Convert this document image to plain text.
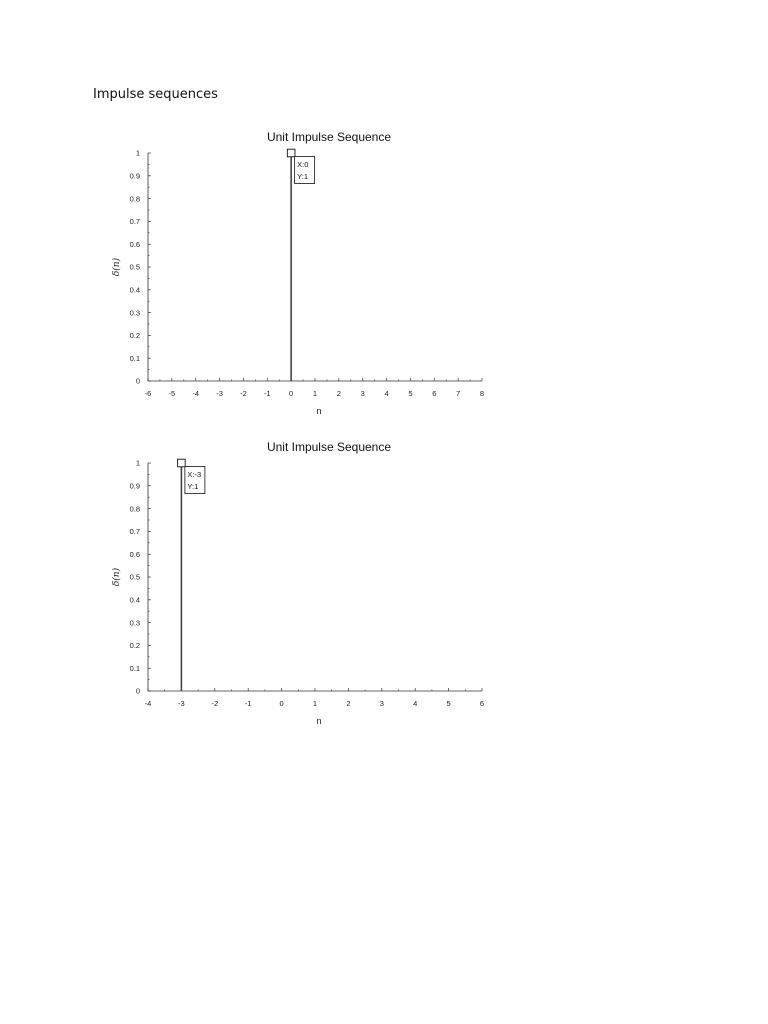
Impulse sequences
Unit Impulse Sequence
-6 -5 -4 -3 -2 -1 0	1	2	3	4	5	6	7	8
0
0.1
0.2
0.3
0.4
0.5
0.6
0.7
0.8
0.9
1
n
δ(n)
X:0
Y:1
Unit Impulse Sequence
-4	-3	-2	-1	0	1	2	3	4	5	6
0
0.1
0.2
0.3
0.4
0.5
0.6
0.7
0.8
0.9
1
n
δ(n)
X:-3
Y:1
